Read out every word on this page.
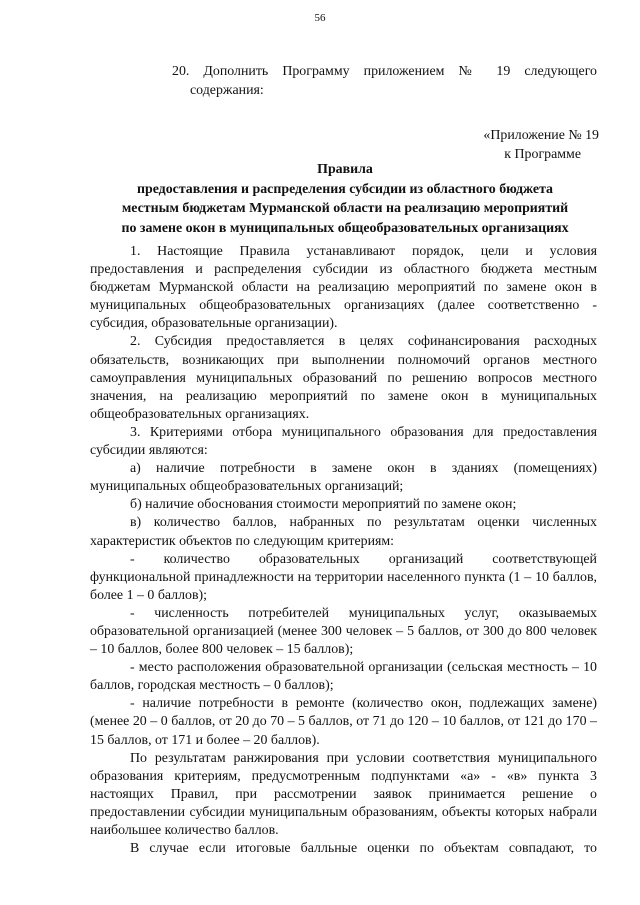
56
20. Дополнить Программу приложением № 19 следующего
содержания:
«Приложение № 19
к Программе
Правила
предоставления и распределения субсидии из областного бюджета
местным бюджетам Мурманской области на реализацию мероприятий
по замене окон в муниципальных общеобразовательных организациях

1. Настоящие Правила устанавливают порядок, цели и условия предоставления и распределения субсидии из областного бюджета местным бюджетам Мурманской области на реализацию мероприятий по замене окон в муниципальных общеобразовательных организациях (далее соответственно - субсидия, образовательные организации).

2. Субсидия предоставляется в целях софинансирования расходных обязательств, возникающих при выполнении полномочий органов местного самоуправления муниципальных образований по решению вопросов местного значения, на реализацию мероприятий по замене окон в муниципальных общеобразовательных организациях.

3. Критериями отбора муниципального образования для предоставления субсидии являются:

а) наличие потребности в замене окон в зданиях (помещениях) муниципальных общеобразовательных организаций;

б) наличие обоснования стоимости мероприятий по замене окон;

в) количество баллов, набранных по результатам оценки численных характеристик объектов по следующим критериям:

- количество образовательных организаций соответствующей функциональной принадлежности на территории населенного пункта (1 – 10 баллов, более 1 – 0 баллов);

- численность потребителей муниципальных услуг, оказываемых образовательной организацией (менее 300 человек – 5 баллов, от 300 до 800 человек – 10 баллов, более 800 человек – 15 баллов);

- место расположения образовательной организации (сельская местность – 10 баллов, городская местность – 0 баллов);

- наличие потребности в ремонте (количество окон, подлежащих замене) (менее 20 – 0 баллов, от 20 до 70 – 5 баллов, от 71 до 120 – 10 баллов, от 121 до 170 – 15 баллов, от 171 и более – 20 баллов).

По результатам ранжирования при условии соответствия муниципального образования критериям, предусмотренным подпунктами «а» - «в» пункта 3 настоящих Правил, при рассмотрении заявок принимается решение о предоставлении субсидии муниципальным образованиям, объекты которых набрали наибольшее количество баллов.

В случае если итоговые балльные оценки по объектам совпадают, то
